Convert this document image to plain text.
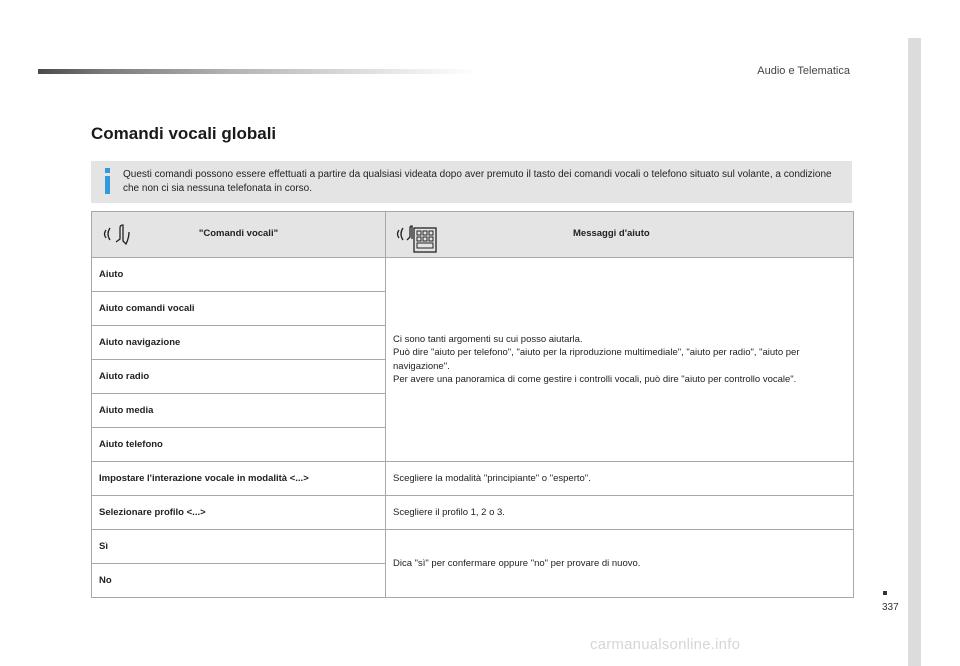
Audio e Telematica
337
Comandi vocali globali
Questi comandi possono essere effettuati a partire da qualsiasi videata dopo aver premuto il tasto dei comandi vocali o telefono situato sul volante, a condizione che non ci sia nessuna telefonata in corso.
"Comandi vocali"	Messaggi d'aiuto

Aiuto	Ci sono tanti argomenti su cui posso aiutarla.
Può dire "aiuto per telefono", "aiuto per la riproduzione multimediale", "aiuto per radio", "aiuto per navigazione".
Per avere una panoramica di come gestire i controlli vocali, può dire "aiuto per controllo vocale".

Aiuto comandi vocali	
Aiuto navigazione	
Aiuto radio	
Aiuto media	
Aiuto telefono	
Impostare l'interazione vocale in modalità <...>	Scegliere la modalità "principiante" o "esperto".
Selezionare profilo <...>	Scegliere il profilo 1, 2 o 3.
Sì	Dica "sì" per confermare oppure "no" per provare di nuovo.
No	
carmanualsonline.info
